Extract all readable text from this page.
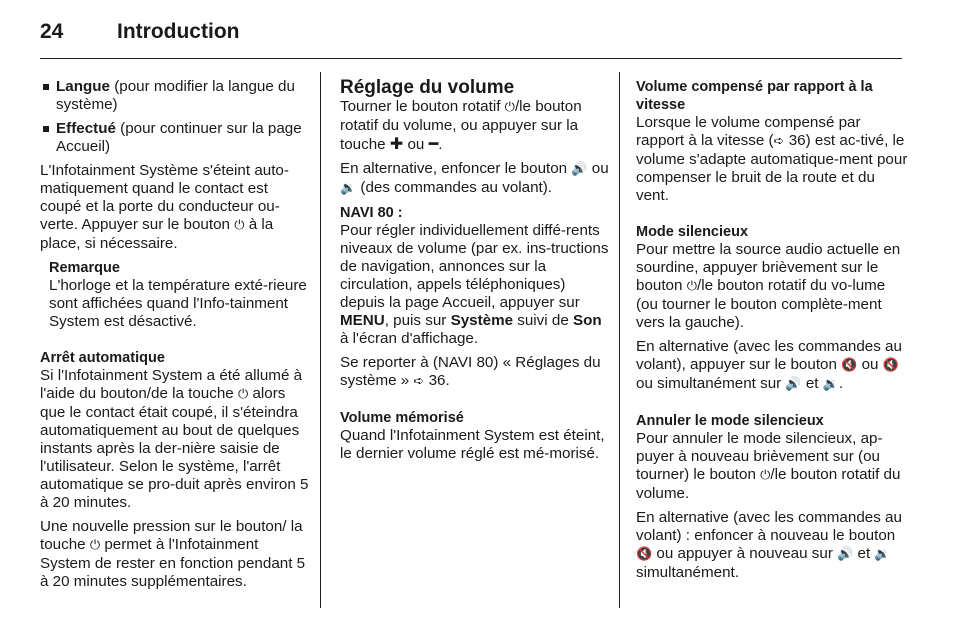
24	Introduction
Langue (pour modifier la langue du système)
Effectué (pour continuer sur la page Accueil)

L'Infotainment Système s'éteint auto-matiquement quand le contact est coupé et la porte du conducteur ou-verte. Appuyer sur le bouton ⏻ à la place, si nécessaire.

Remarque
L'horloge et la température exté-rieure sont affichées quand l'Info-tainment System est désactivé.
Arrêt automatique

Si l'Infotainment System a été allumé à l'aide du bouton/de la touche ⏻ alors que le contact était coupé, il s'éteindra automatiquement au bout de quelques instants après la der-nière saisie de l'utilisateur. Selon le système, l'arrêt automatique se pro-duit après environ 5 à 20 minutes.

Une nouvelle pression sur le bouton/ la touche ⏻ permet à l'Infotainment System de rester en fonction pendant 5 à 20 minutes supplémentaires.

Réglage du volume

Tourner le bouton rotatif ⏻/le bouton rotatif du volume, ou appuyer sur la touche ✚ ou ━.

En alternative, enfoncer le bouton 🔊 ou 🔉 (des commandes au volant).

NAVI 80 :

Pour régler individuellement diffé-rents niveaux de volume (par ex. ins-tructions de navigation, annonces sur la circulation, appels téléphoniques) depuis la page Accueil, appuyer sur MENU, puis sur Système suivi de Son à l'écran d'affichage.

Se reporter à (NAVI 80) « Réglages du système » ➪ 36.

Volume mémorisé

Quand l'Infotainment System est éteint, le dernier volume réglé est mé-morisé.

Volume compensé par rapport à la vitesse

Lorsque le volume compensé par rapport à la vitesse (➪ 36) est ac-tivé, le volume s'adapte automatique-ment pour compenser le bruit de la route et du vent.

Mode silencieux

Pour mettre la source audio actuelle en sourdine, appuyer brièvement sur le bouton ⏻/le bouton rotatif du vo-lume (ou tourner le bouton complète-ment vers la gauche).

En alternative (avec les commandes au volant), appuyer sur le bouton 🔇 ou 🔇 ou simultanément sur 🔊 et 🔉.

Annuler le mode silencieux

Pour annuler le mode silencieux, ap-puyer à nouveau brièvement sur (ou tourner) le bouton ⏻/le bouton rotatif du volume.

En alternative (avec les commandes au volant) : enfoncer à nouveau le bouton 🔇 ou appuyer à nouveau sur 🔊 et 🔉 simultanément.
